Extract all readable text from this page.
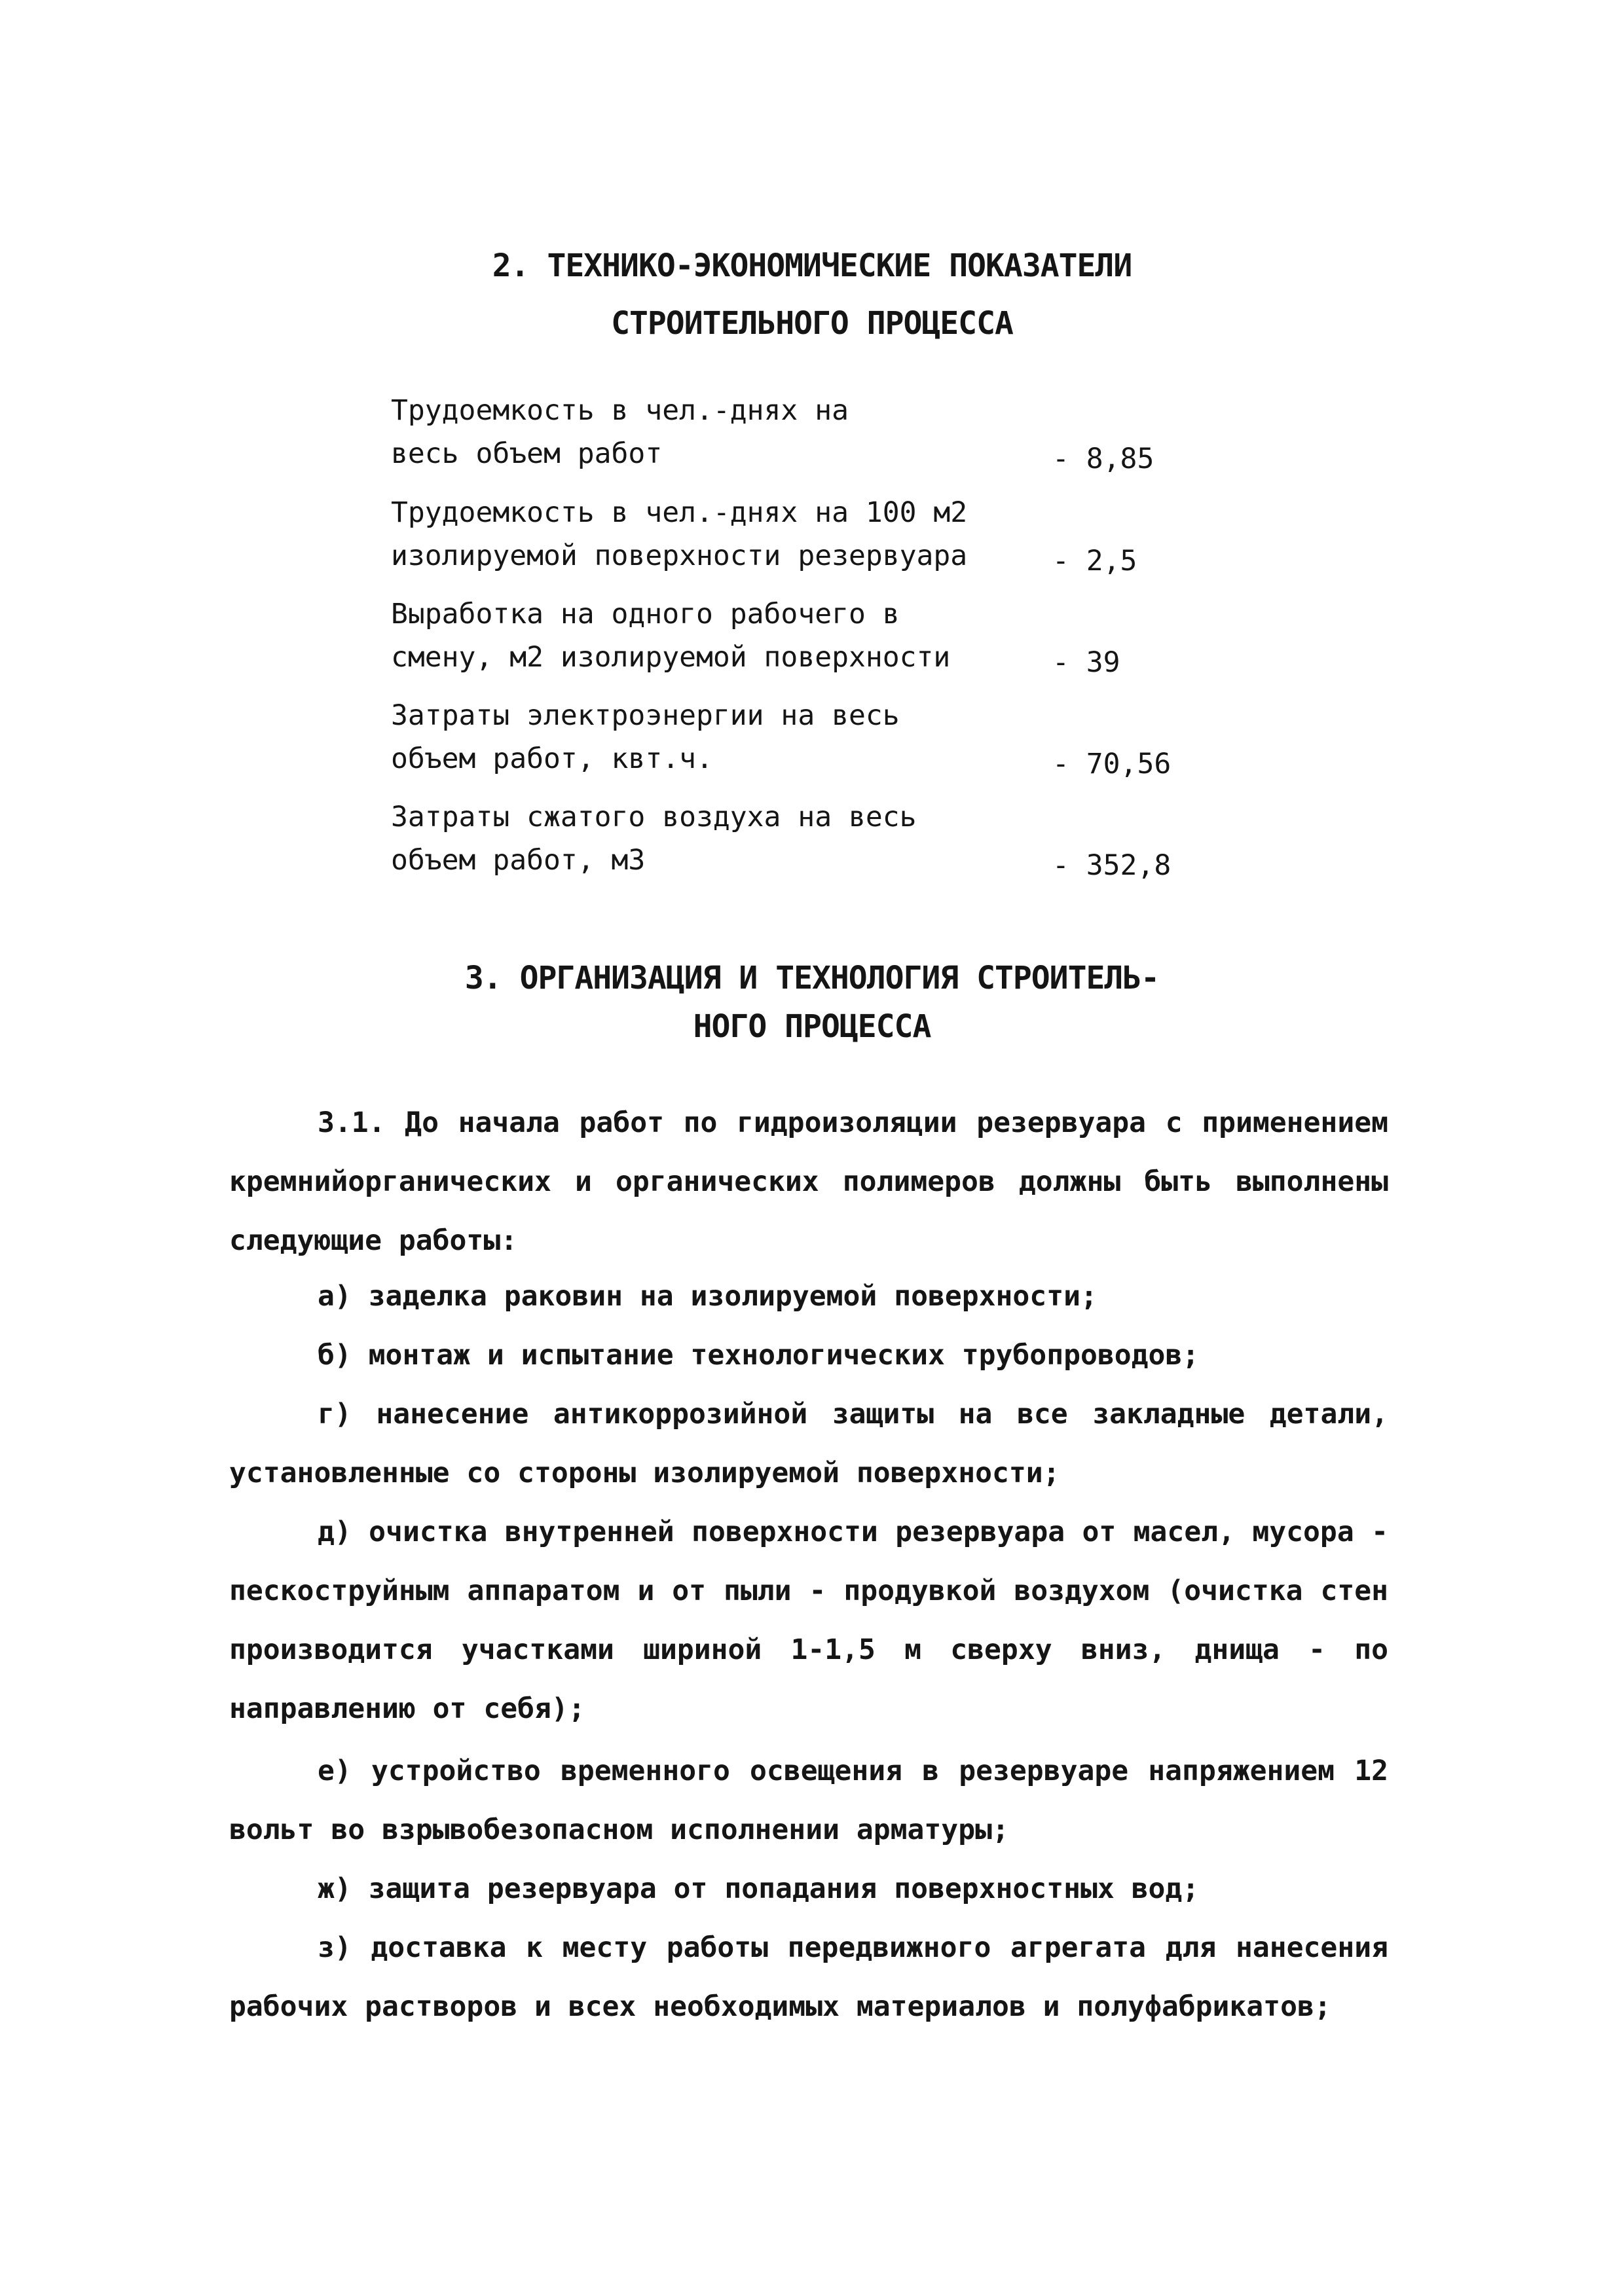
2. ТЕХНИКО-ЭКОНОМИЧЕСКИЕ ПОКАЗАТЕЛИ
СТРОИТЕЛЬНОГО ПРОЦЕССА
Трудоемкость в чел.-днях на
весь объем работ	- 8,85
Трудоемкость в чел.-днях на 100 м2
изолируемой поверхности резервуара	- 2,5
Выработка на одного рабочего в
смену, м2 изолируемой поверхности	- 39
Затраты электроэнергии на весь
объем работ, квт.ч.	- 70,56
Затраты сжатого воздуха на весь
объем работ, м3	- 352,8
3. ОРГАНИЗАЦИЯ И ТЕХНОЛОГИЯ СТРОИТЕЛЬ-
НОГО ПРОЦЕССА
3.1. До начала работ по гидроизоляции резервуара с применением кремнийорганических и органических полимеров должны быть выполнены следующие работы:
а) заделка раковин на изолируемой поверхности;
б) монтаж и испытание технологических трубопроводов;
г) нанесение антикоррозийной защиты на все закладные детали, установленные со стороны изолируемой поверхности;
д) очистка внутренней поверхности резервуара от масел, мусора - пескоструйным аппаратом и от пыли - продувкой воздухом (очистка стен производится участками шириной 1-1,5 м сверху вниз, днища - по направлению от себя);
е) устройство временного освещения в резервуаре напряжением 12 вольт во взрывобезопасном исполнении арматуры;
ж) защита резервуара от попадания поверхностных вод;
з) доставка к месту работы передвижного агрегата для нанесения рабочих растворов и всех необходимых материалов и полуфабрикатов;
